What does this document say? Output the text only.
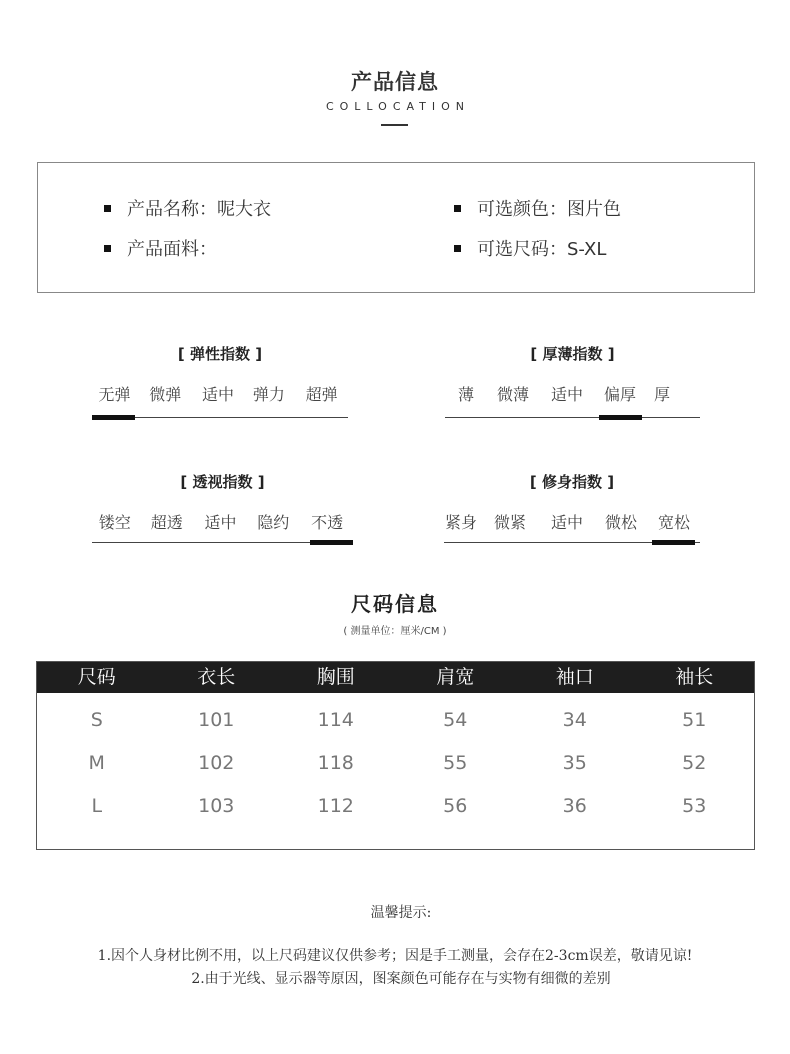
产品信息
COLLOCATION
产品名称：呢大衣	可选颜色：图片色
产品面料：	可选尺码：S-XL
[ 弹性指数 ]
无弹	微弹	适中	弹力	超弹
[ 厚薄指数 ]
薄	微薄	适中	偏厚	厚
[ 透视指数 ]
镂空	超透	适中	隐约	不透
[ 修身指数 ]
紧身	微紧	适中	微松	宽松
尺码信息
( 测量单位：厘米/CM )
尺码	衣长	胸围	肩宽	袖口	袖长
S	101	114	54	34	51
M	102	118	55	35	52
L	103	112	56	36	53
温馨提示:
1.因个人身材比例不用，以上尺码建议仅供参考；因是手工测量，会存在2-3cm误差，敬请见谅!
2.由于光线、显示器等原因，图案颜色可能存在与实物有细微的差别
